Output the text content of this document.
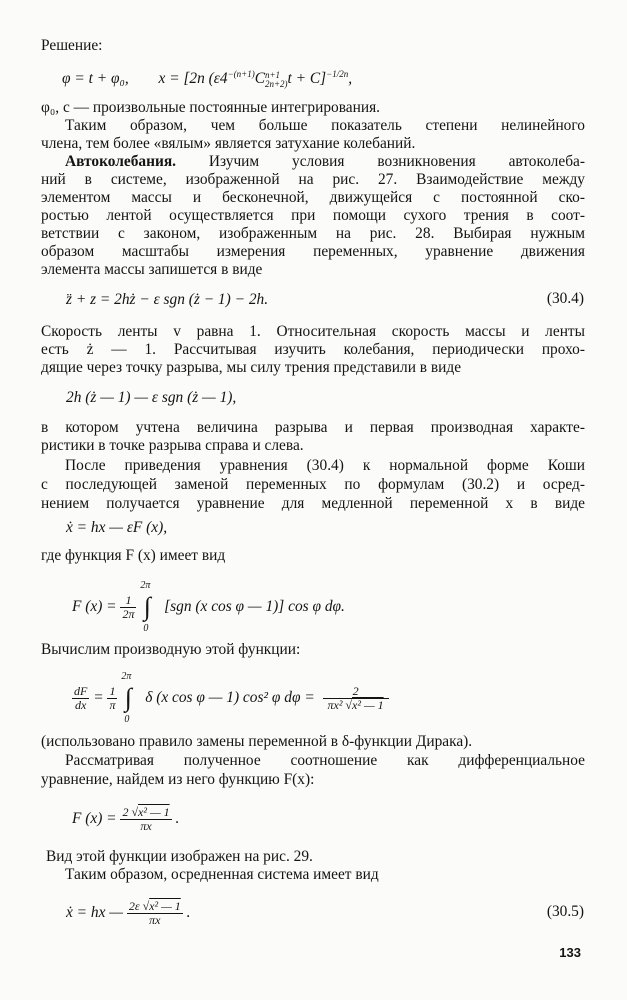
Решение:
φ = t + φ₀, x = [2n ($\varepsilon 4^{-(n+1)}C$ n+1
2n+2) t + C]$^{-1/2n}$,
φ₀, c — произвольные постоянные интегрирования.
Таким образом, чем больше показатель степени нелинейного
члена, тем более «вялым» является затухание колебаний.
Автоколебания. Изучим условия возникновения автоколеба-
ний в системе, изображенной на рис. 27. Взаимодействие между
элементом массы и бесконечной, движущейся с постоянной ско-
ростью лентой осуществляется при помощи сухого трения в соот-
ветствии с законом, изображенным на рис. 28. Выбирая нужным
образом масштабы измерения переменных, уравнение движения
элемента массы запишется в виде
z̈ + z = 2hż − ε sgn (ż − 1) − 2h.	(30.4)
Скорость ленты v равна 1. Относительная скорость массы и ленты
есть ż — 1. Рассчитывая изучить колебания, периодически прохо-
дящие через точку разрыва, мы силу трения представили в виде
2h (ż — 1) — ε sgn (ż — 1),
в котором учтена величина разрыва и первая производная характе-
ристики в точке разрыва справа и слева.
После приведения уравнения (30.4) к нормальной форме Коши
с последующей заменой переменных по формулам (30.2) и осред-
нением получается уравнение для медленной переменной x в виде
ẋ = hx — εF (x),
где функция F (x) имеет вид
F $(x) = \frac{1}{2\pi}$

2π
∫
0
[sgn (x cos φ — 1)] cos φ dφ.
Вычислим производную этой функции:
$\frac{dF}{dx} = \frac{1}{\pi}$

2π
∫
0
δ (x cos φ — 1) cos² φ $d\varphi = \frac{2}{\text{πx² √x² — 1}}$
(использовано правило замены переменной в δ-функции Дирака).
Рассматривая полученное соотношение как дифференциальное
уравнение, найдем из него функцию F(x):
F $(x) = \frac{\text{2 √x² — 1}}{\pi x}$ .
Вид этой функции изображен на рис. 29.
Таким образом, осредненная система имеет вид
ẋ = hx — $\frac{\text{2ε √x² — 1}}{\pi x}$ .	(30.5)
133
